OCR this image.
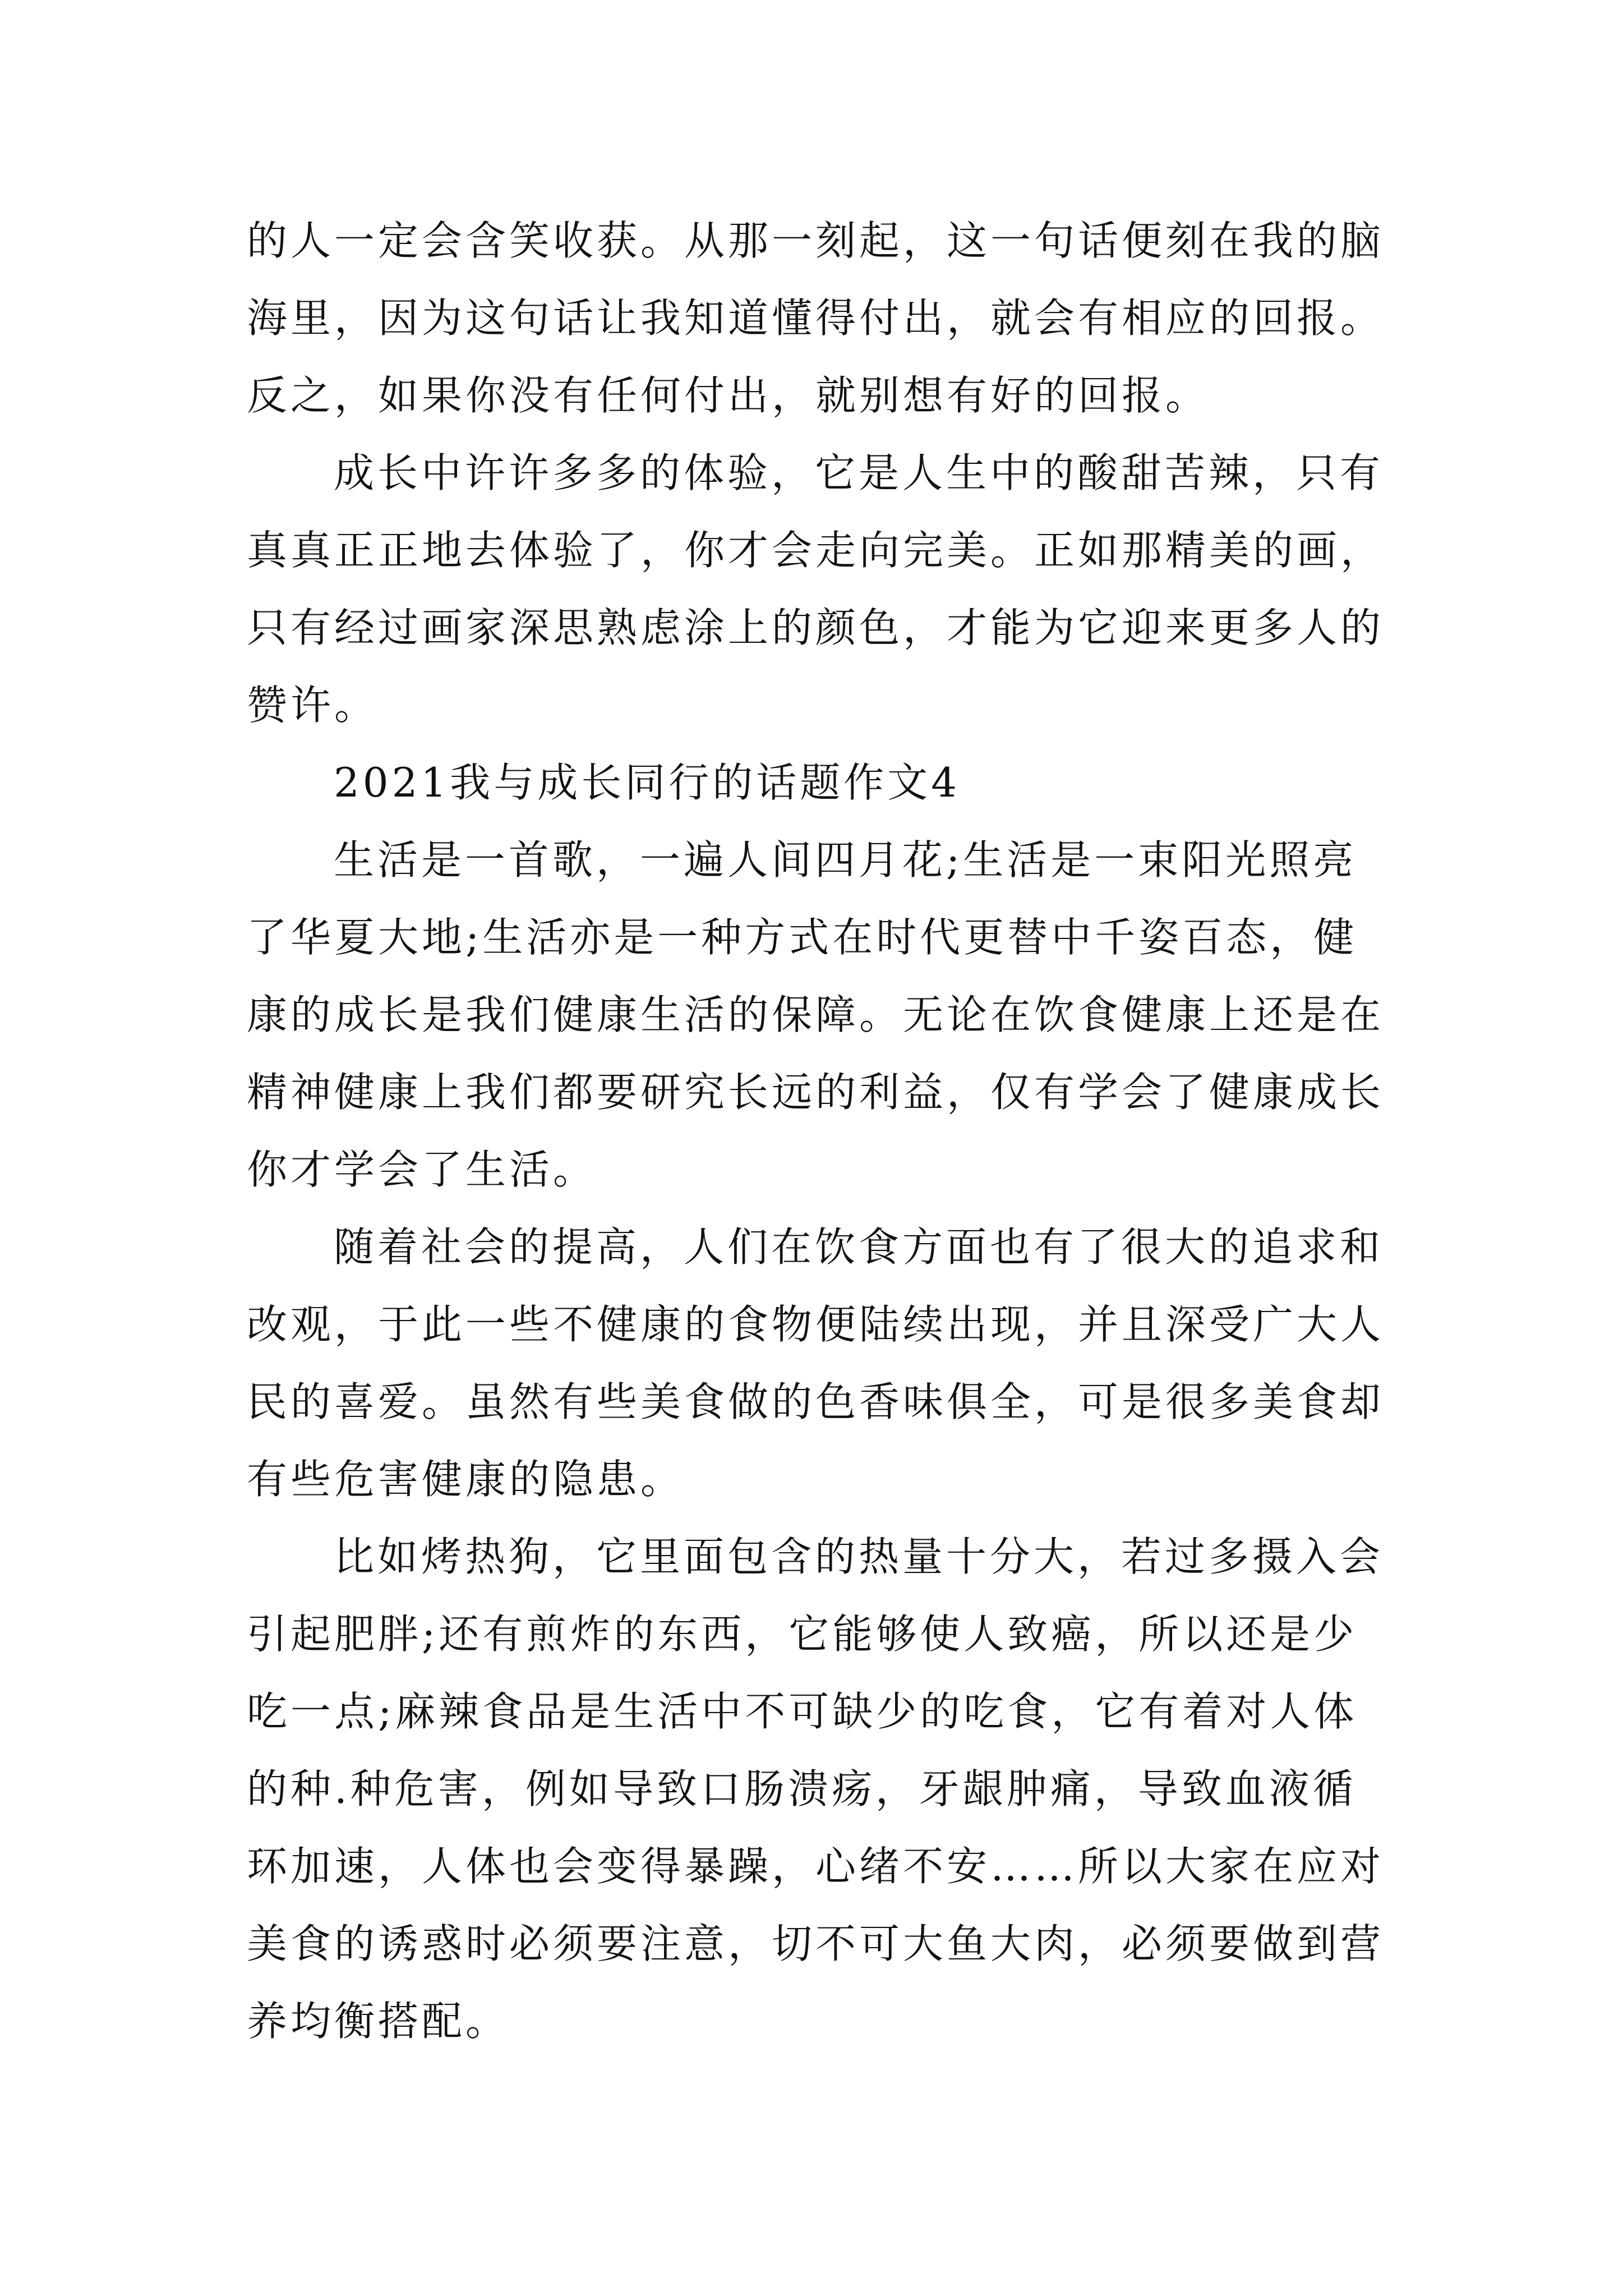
的人一定会含笑收获。从那一刻起，这一句话便刻在我的脑
海里，因为这句话让我知道懂得付出，就会有相应的回报。
反之，如果你没有任何付出，就别想有好的回报。
成长中许许多多的体验，它是人生中的酸甜苦辣，只有
真真正正地去体验了，你才会走向完美。正如那精美的画，
只有经过画家深思熟虑涂上的颜色，才能为它迎来更多人的
赞许。
2021我与成长同行的话题作文4
生活是一首歌，一遍人间四月花;生活是一束阳光照亮
了华夏大地;生活亦是一种方式在时代更替中千姿百态，健
康的成长是我们健康生活的保障。无论在饮食健康上还是在
精神健康上我们都要研究长远的利益，仅有学会了健康成长
你才学会了生活。
随着社会的提高，人们在饮食方面也有了很大的追求和
改观，于此一些不健康的食物便陆续出现，并且深受广大人
民的喜爱。虽然有些美食做的色香味俱全，可是很多美食却
有些危害健康的隐患。
比如烤热狗，它里面包含的热量十分大，若过多摄入会
引起肥胖;还有煎炸的东西，它能够使人致癌，所以还是少
吃一点;麻辣食品是生活中不可缺少的吃食，它有着对人体
的种.种危害，例如导致口肠溃疡，牙龈肿痛，导致血液循
环加速，人体也会变得暴躁，心绪不安……所以大家在应对
美食的诱惑时必须要注意，切不可大鱼大肉，必须要做到营
养均衡搭配。
